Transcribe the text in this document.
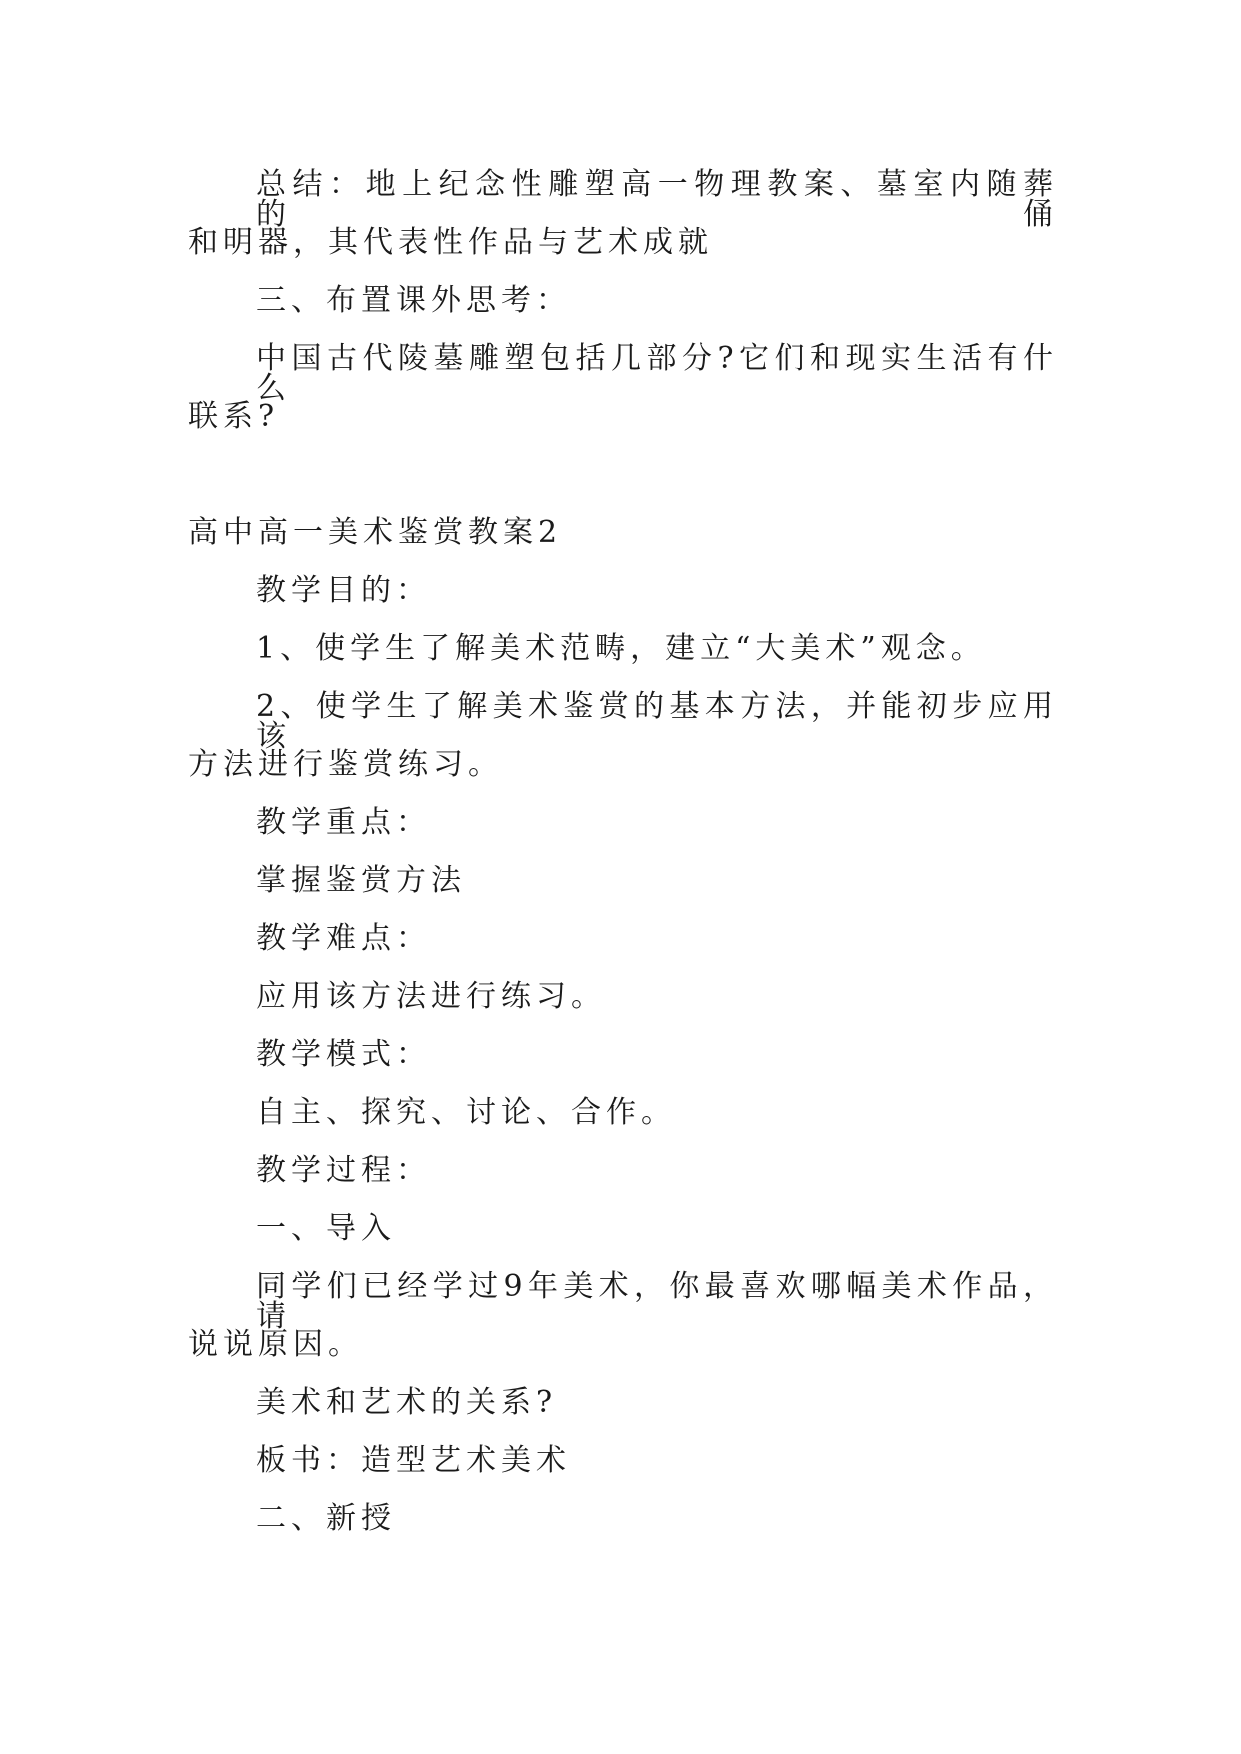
总结：地上纪念性雕塑高一物理教案、墓室内随葬的俑
和明器，其代表性作品与艺术成就
三、布置课外思考：
中国古代陵墓雕塑包括几部分?它们和现实生活有什么
联系?
高中高一美术鉴赏教案2
教学目的：
1、使学生了解美术范畴，建立“大美术”观念。
2、使学生了解美术鉴赏的基本方法，并能初步应用该
方法进行鉴赏练习。
教学重点：
掌握鉴赏方法
教学难点：
应用该方法进行练习。
教学模式：
自主、探究、讨论、合作。
教学过程：
一、导入
同学们已经学过9年美术，你最喜欢哪幅美术作品，请
说说原因。
美术和艺术的关系?
板书：造型艺术美术
二、新授
